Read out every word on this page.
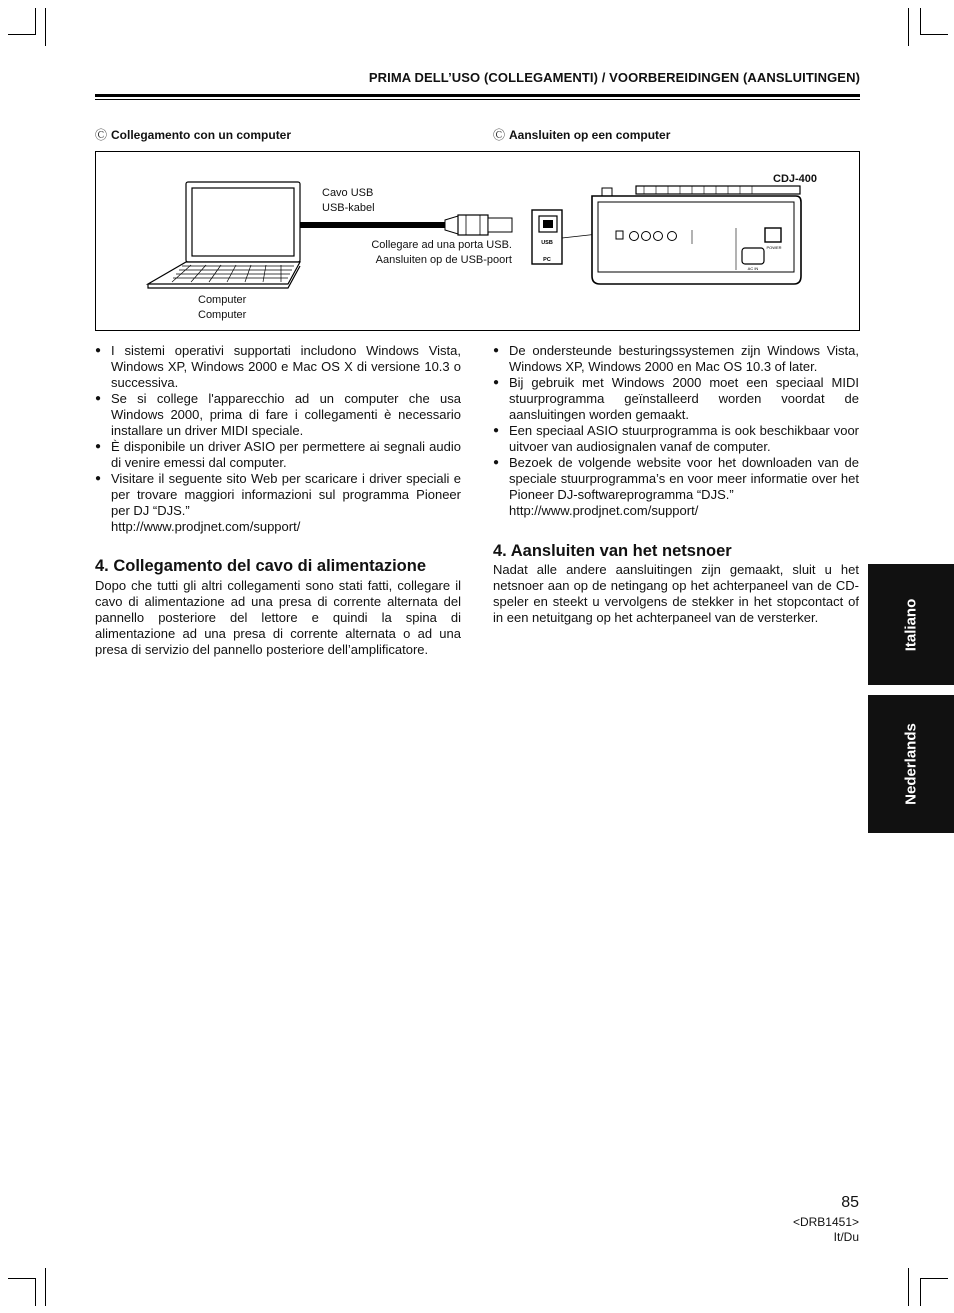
PRIMA DELL’USO (COLLEGAMENTI) / VOORBEREIDINGEN (AANSLUITINGEN)
Ⓒ Collegamento con un computer	Ⓒ Aansluiten op een computer
USB
PC
POWER
AC IN
Cavo USB
USB-kabel
Collegare ad una porta USB.
Aansluiten op de USB-poort
Computer
Computer
CDJ-400
● I sistemi operativi supportati includono Windows Vista, Windows XP, Windows 2000 e Mac OS X di versione 10.3 o successiva.
● Se si college l'apparecchio ad un computer che usa Windows 2000, prima di fare i collegamenti è necessario installare un driver MIDI speciale.
● È disponibile un driver ASIO per permettere ai segnali audio di venire emessi dal computer.
● Visitare il seguente sito Web per scaricare i driver speciali e per trovare maggiori informazioni sul programma Pioneer per DJ “DJS.”
http://www.prodjnet.com/support/
4. Collegamento del cavo di alimentazione
Dopo che tutti gli altri collegamenti sono stati fatti, collegare il cavo di alimentazione ad una presa di corrente alternata del pannello posteriore del lettore e quindi la spina di alimentazione ad una presa di corrente alternata o ad una presa di servizio del pannello posteriore dell’amplificatore.
● De ondersteunde besturingssystemen zijn Windows Vista, Windows XP, Windows 2000 en Mac OS 10.3 of later.
● Bij gebruik met Windows 2000 moet een speciaal MIDI stuurprogramma geïnstalleerd worden voordat de aansluitingen worden gemaakt.
● Een speciaal ASIO stuurprogramma is ook beschikbaar voor uitvoer van audiosignalen vanaf de computer.
● Bezoek de volgende website voor het downloaden van de speciale stuurprogramma’s en voor meer informatie over het Pioneer DJ-softwareprogramma “DJS.”
http://www.prodjnet.com/support/
4. Aansluiten van het netsnoer
Nadat alle andere aansluitingen zijn gemaakt, sluit u het netsnoer aan op de netingang op het achterpaneel van de CD-speler en steekt u vervolgens de stekker in het stopcontact of in een netuitgang op het achterpaneel van de versterker.	Italiano
Nederlands
85
<DRB1451>
It/Du
